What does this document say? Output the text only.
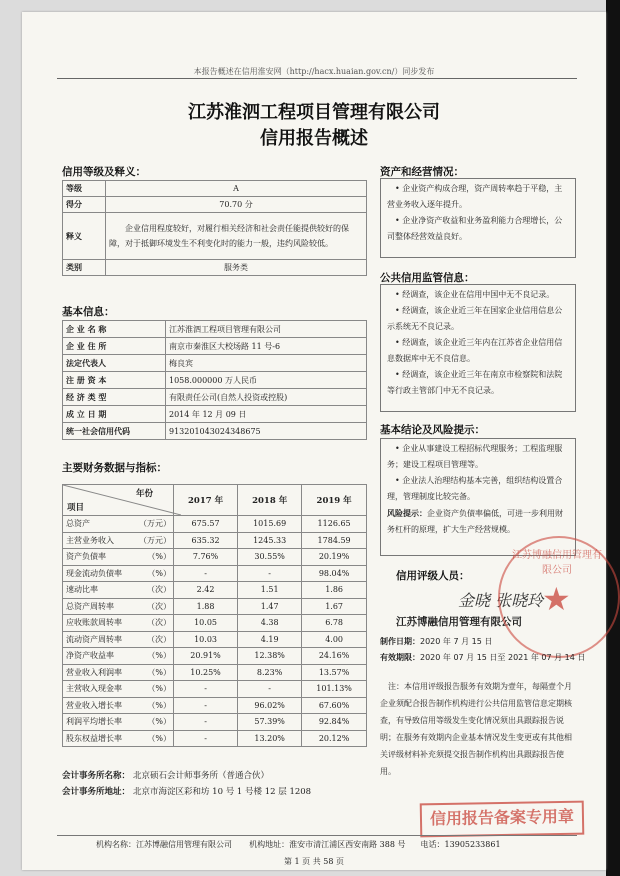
本报告概述在信用淮安网（http://hacx.huaian.gov.cn/）同步发布
江苏淮泗工程项目管理有限公司
信用报告概述
信用等级及释义：
等级	A
得分	70.70 分
释义	企业信用程度较好，对履行相关经济和社会责任能提供较好的保障，对于抵御环境发生不利变化时的能力一般，违约风险较低。
类别	服务类
基本信息：
企 业 名 称	江苏淮泗工程项目管理有限公司
企 业 住 所	南京市秦淮区大校场路 11 号-6
法定代表人	梅良宾
注 册 资 本	1058.000000 万人民币
经 济 类 型	有限责任公司(自然人投资或控股)
成 立 日 期	2014 年 12 月 09 日
统一社会信用代码	913201043024348675
主要财务数据与指标：
年份
项目	2017 年	2018 年	2019 年
总资产 （万元）	675.57	1015.69	1126.65
主营业务收入 （万元）	635.32	1245.33	1784.59
资产负债率 （%）	7.76%	30.55%	20.19%
现金流动负债率 （%）	-	-	98.04%
速动比率 （次）	2.42	1.51	1.86
总资产周转率 （次）	1.88	1.47	1.67
应收账款周转率 （次）	10.05	4.38	6.78
流动资产周转率 （次）	10.03	4.19	4.00
净资产收益率 （%）	20.91%	12.38%	24.16%
营业收入利润率 （%）	10.25%	8.23%	13.57%
主营收入现金率 （%）	-	-	101.13%
营业收入增长率 （%）	-	96.02%	67.60%
利润平均增长率 （%）	-	57.39%	92.84%
股东权益增长率 （%）	-	13.20%	20.12%
会计事务所名称： 北京硕石会计师事务所（普通合伙）
会计事务所地址： 北京市海淀区彩和坊 10 号 1 号楼 12 层 1208
资产和经营情况：

• 企业资产构成合理，资产周转率趋于平稳，主营业务收入逐年提升。

• 企业净资产收益和业务盈利能力合理增长，公司整体经营效益良好。

公共信用监管信息：

• 经调查，该企业在信用中国中无不良记录。

• 经调查，该企业近三年在国家企业信用信息公示系统无不良记录。

• 经调查，该企业近三年内在江苏省企业信用信息数据库中无不良信息。

• 经调查，该企业近三年在南京市检察院和法院等行政主管部门中无不良记录。

基本结论及风险提示：

• 企业从事建设工程招标代理服务；工程监理服务；建设工程项目管理等。

• 企业法人治理结构基本完善，组织结构设置合理，管理制度比较完备。

风险提示：企业资产负债率偏低，可进一步利用财务杠杆的原理，扩大生产经营规模。

信用评级人员：
金晓 张晓玲
江苏博融信用管理有限公司
江苏博融信用管理有限公司
★
制作日期：2020 年 7 月 15 日
有效期限：2020 年 07 月 15 日至 2021 年 07 月 14 日
注：本信用评级报告服务有效期为壹年，每隔壹个月企业须配合报告制作机构进行公共信用监管信息定期核查，有导致信用等级发生变化情况须出具跟踪报告说明；在服务有效期内企业基本情况发生变更或有其他相关评级材料补充须提交报告制作机构出具跟踪报告使用。
信用报告备案专用章
机构名称：江苏博融信用管理有限公司 机构地址：淮安市清江浦区西安南路 388 号 电话：13905233861
第 1 页 共 58 页
